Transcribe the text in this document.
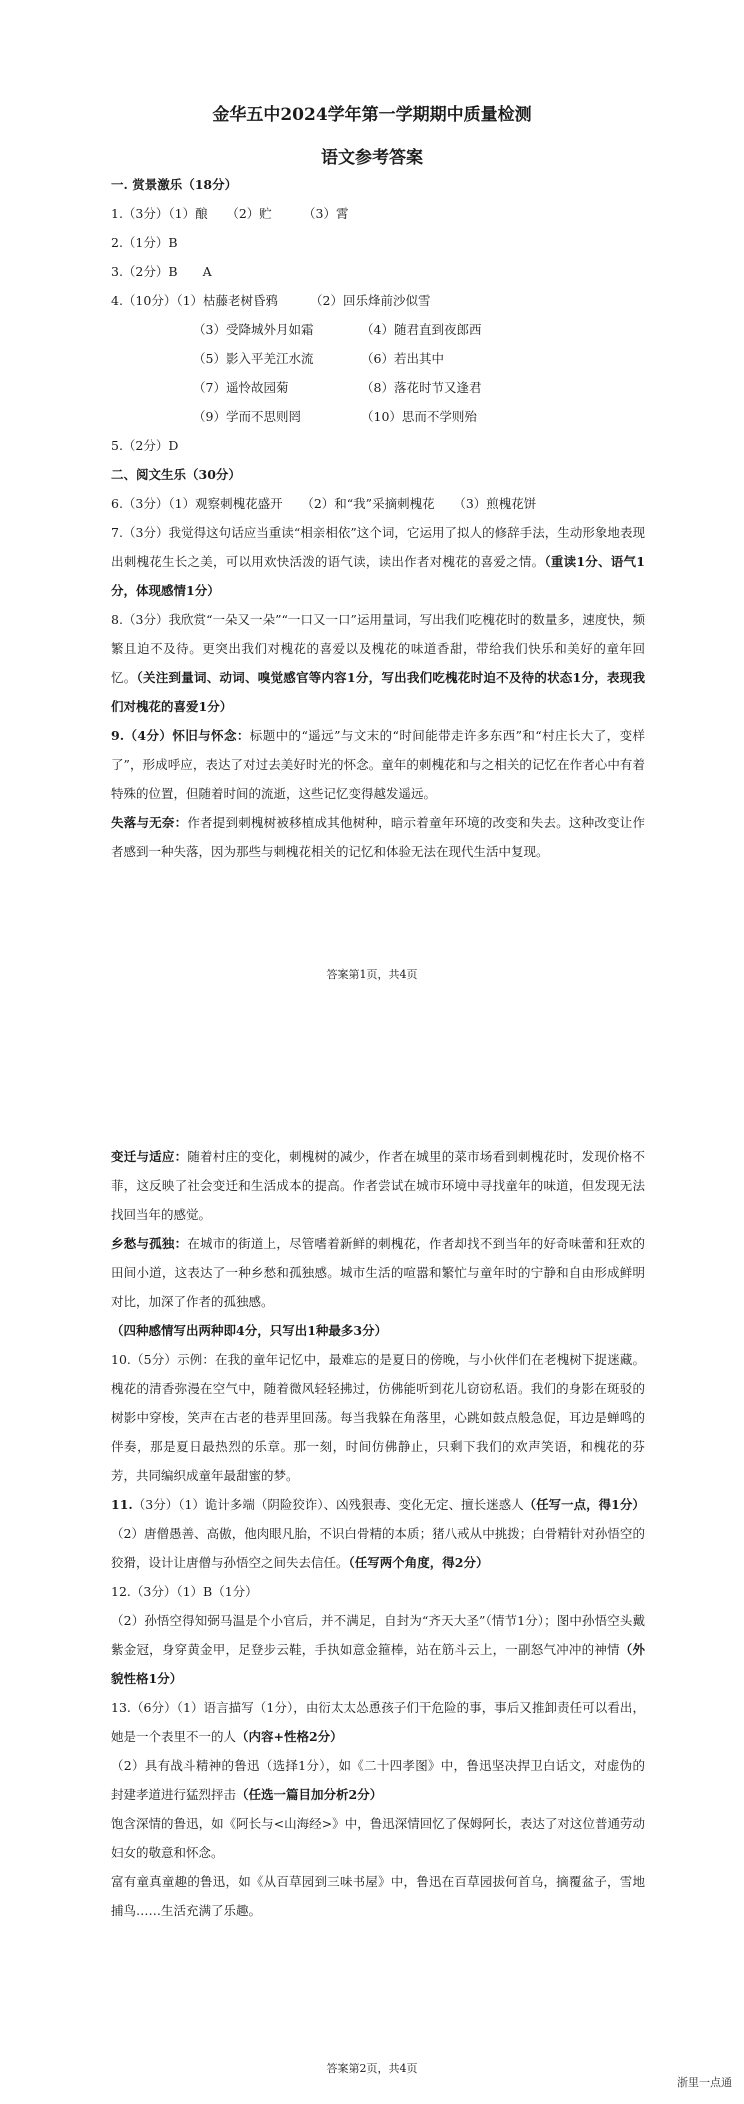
金华五中2024学年第一学期期中质量检测
语文参考答案
一. 赏景激乐（18分）
1.（3分）（1）酿　　（2）贮　　　（3）霄
2.（1分）B
3.（2分）B　　A
4.（10分）（1）枯藤老树昏鸦	（2）回乐烽前沙似雪
（3）受降城外月如霜	（4）随君直到夜郎西
（5）影入平羌江水流	（6）若出其中
（7）遥怜故园菊	（8）落花时节又逢君
（9）学而不思则罔	（10）思而不学则殆
5.（2分）D
二、阅文生乐（30分）
6.（3分）（1）观察刺槐花盛开　　（2）和“我”采摘刺槐花　　（3）煎槐花饼
7.（3分）我觉得这句话应当重读“相亲相依”这个词，它运用了拟人的修辞手法，生动形象地表现出刺槐花生长之美，可以用欢快活泼的语气读，读出作者对槐花的喜爱之情。（重读1分、语气1分，体现感情1分）
8.（3分）我欣赏“一朵又一朵”“一口又一口”运用量词，写出我们吃槐花时的数量多，速度快，频繁且迫不及待。更突出我们对槐花的喜爱以及槐花的味道香甜，带给我们快乐和美好的童年回忆。（关注到量词、动词、嗅觉感官等内容1分，写出我们吃槐花时迫不及待的状态1分，表现我们对槐花的喜爱1分）
9.（4分）怀旧与怀念：标题中的“遥远”与文末的“时间能带走许多东西”和“村庄长大了，变样了”，形成呼应，表达了对过去美好时光的怀念。童年的刺槐花和与之相关的记忆在作者心中有着特殊的位置，但随着时间的流逝，这些记忆变得越发遥远。
失落与无奈：作者提到刺槐树被移植成其他树种，暗示着童年环境的改变和失去。这种改变让作者感到一种失落，因为那些与刺槐花相关的记忆和体验无法在现代生活中复现。
答案第1页，共4页
变迁与适应：随着村庄的变化，刺槐树的减少，作者在城里的菜市场看到刺槐花时，发现价格不菲，这反映了社会变迁和生活成本的提高。作者尝试在城市环境中寻找童年的味道，但发现无法找回当年的感觉。
乡愁与孤独：在城市的街道上，尽管嗜着新鲜的刺槐花，作者却找不到当年的好奇味蕾和狂欢的田间小道，这表达了一种乡愁和孤独感。城市生活的喧嚣和繁忙与童年时的宁静和自由形成鲜明对比，加深了作者的孤独感。
（四种感情写出两种即4分，只写出1种最多3分）
10.（5分）示例：在我的童年记忆中，最难忘的是夏日的傍晚，与小伙伴们在老槐树下捉迷藏。槐花的清香弥漫在空气中，随着微风轻轻拂过，仿佛能听到花儿窃窃私语。我们的身影在斑驳的树影中穿梭，笑声在古老的巷弄里回荡。每当我躲在角落里，心跳如鼓点般急促，耳边是蝉鸣的伴奏，那是夏日最热烈的乐章。那一刻，时间仿佛静止，只剩下我们的欢声笑语，和槐花的芬芳，共同编织成童年最甜蜜的梦。
11.（3分）（1）诡计多端（阴险狡诈）、凶残狠毒、变化无定、擅长迷惑人（任写一点，得1分）
（2）唐僧愚善、高傲，他肉眼凡胎，不识白骨精的本质；猪八戒从中挑拨；白骨精针对孙悟空的狡猾，设计让唐僧与孙悟空之间失去信任。（任写两个角度，得2分）
12.（3分）（1）B（1分）
（2）孙悟空得知弼马温是个小官后，并不满足，自封为“齐天大圣”（情节1分）；图中孙悟空头戴紫金冠，身穿黄金甲，足登步云鞋，手执如意金箍棒，站在筋斗云上，一副怒气冲冲的神情（外貌性格1分）
13.（6分）（1）语言描写（1分），由衍太太怂恿孩子们干危险的事，事后又推卸责任可以看出，她是一个表里不一的人（内容+性格2分）
（2）具有战斗精神的鲁迅（选择1分），如《二十四孝图》中，鲁迅坚决捍卫白话文，对虚伪的封建孝道进行猛烈抨击（任选一篇目加分析2分）
饱含深情的鲁迅，如《阿长与<山海经>》中，鲁迅深情回忆了保姆阿长，表达了对这位普通劳动妇女的敬意和怀念。
富有童真童趣的鲁迅，如《从百草园到三味书屋》中，鲁迅在百草园拔何首乌，摘覆盆子，雪地捕鸟……生活充满了乐趣。
答案第2页，共4页
浙里一点通
